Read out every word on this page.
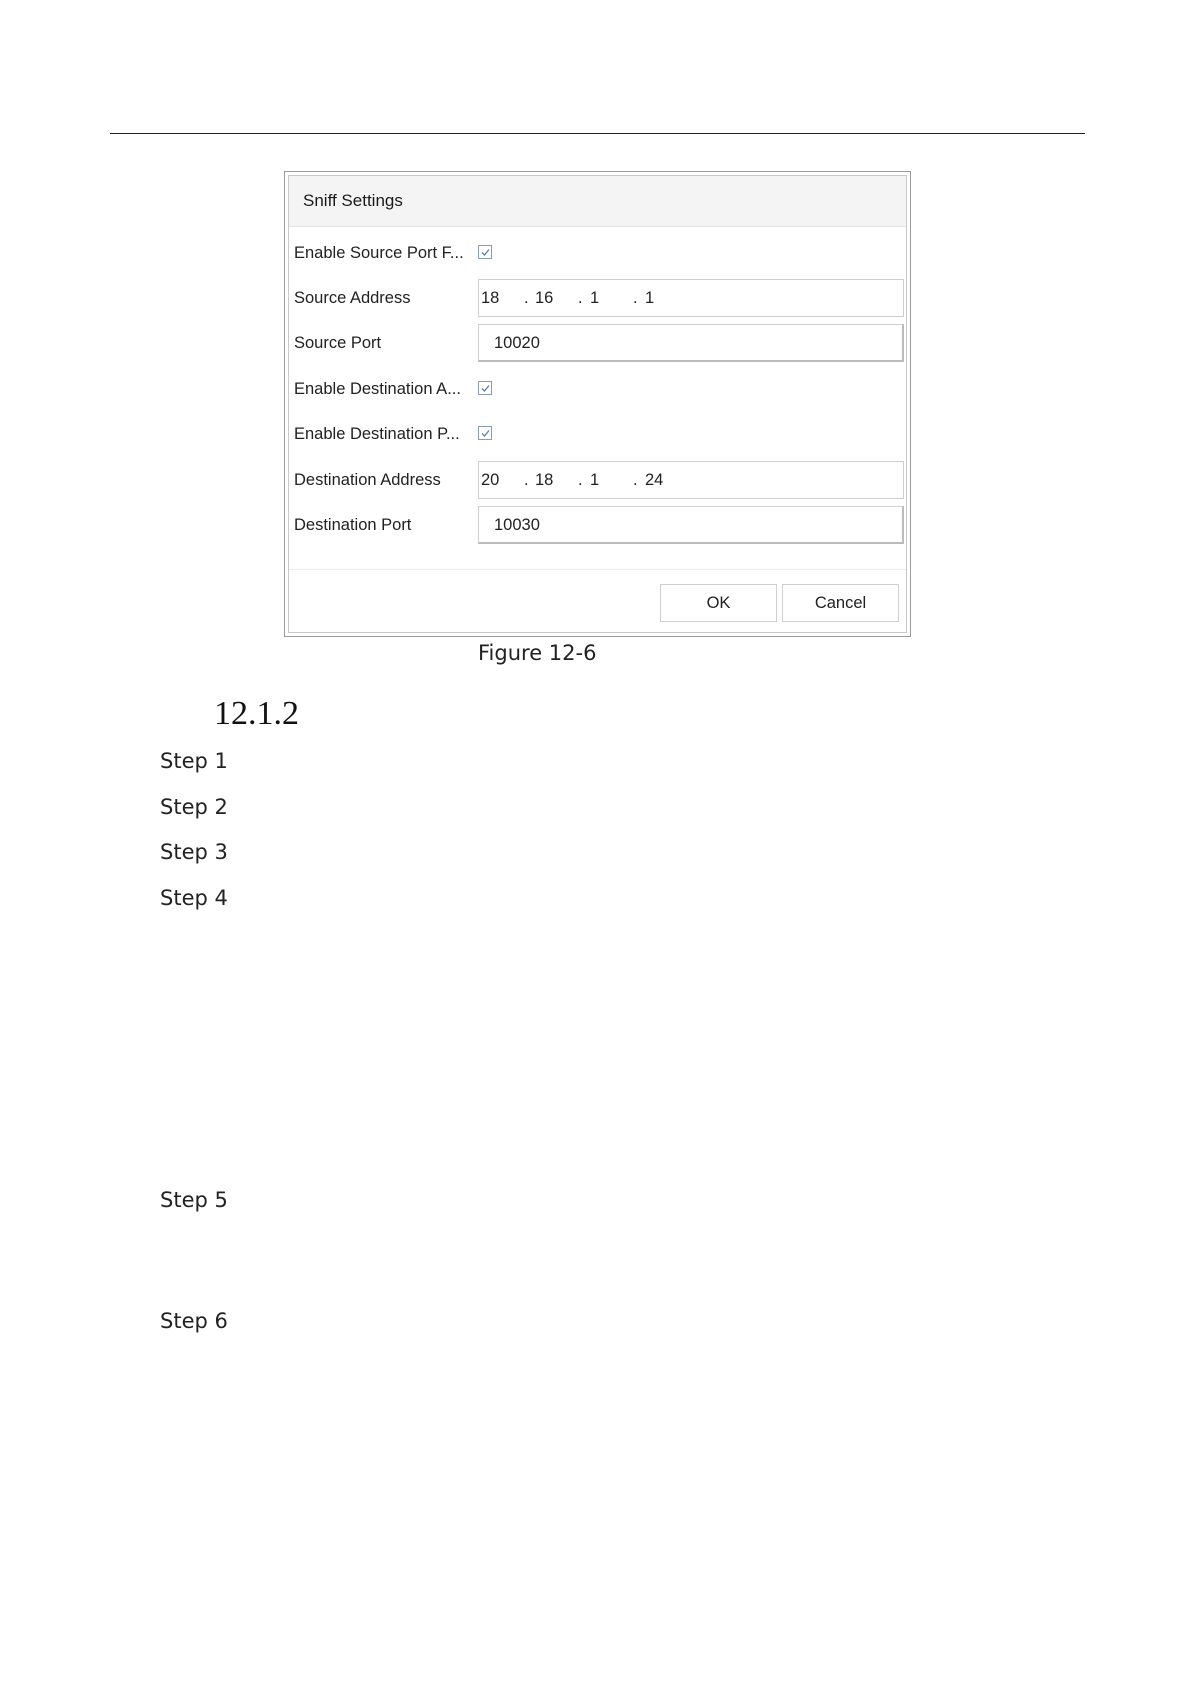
Sniff Settings
Enable Source Port F...
Source Address	18 . 16 . 1 . 1
Source Port	10020
Enable Destination A...
Enable Destination P...
Destination Address 20 . 18 . 1 . 24
Destination Port	10030
OK	Cancel
Figure 12-6
12.1.2
Step 1
Step 2
Step 3
Step 4
Step 5
Step 6
